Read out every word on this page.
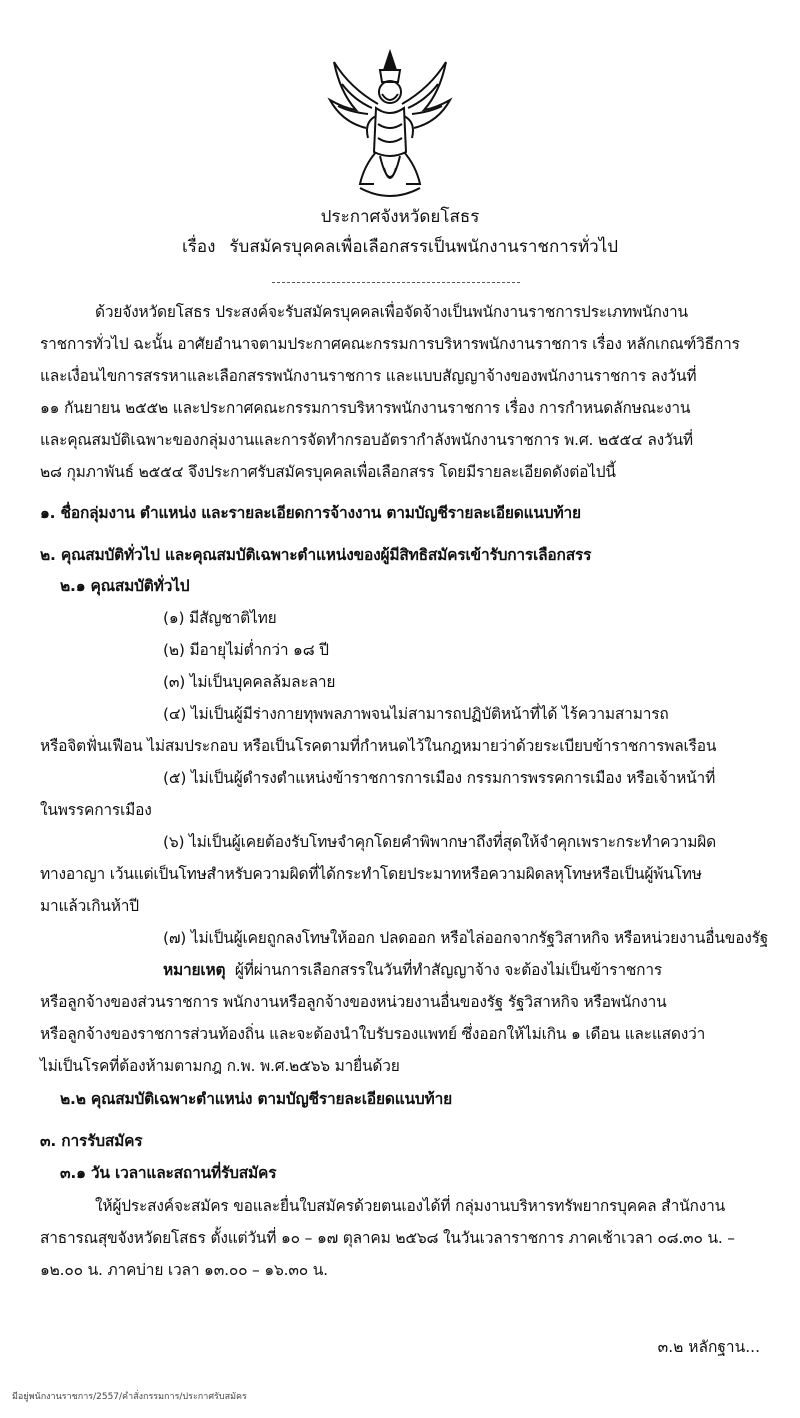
ประกาศจังหวัดยโสธร
เรื่อง รับสมัครบุคคลเพื่อเลือกสรรเป็นพนักงานราชการทั่วไป
ด้วยจังหวัดยโสธร ประสงค์จะรับสมัครบุคคลเพื่อจัดจ้างเป็นพนักงานราชการประเภทพนักงาน
ราชการทั่วไป ฉะนั้น อาศัยอำนาจตามประกาศคณะกรรมการบริหารพนักงานราชการ เรื่อง หลักเกณฑ์วิธีการ
และเงื่อนไขการสรรหาและเลือกสรรพนักงานราชการ และแบบสัญญาจ้างของพนักงานราชการ ลงวันที่
๑๑ กันยายน ๒๕๕๒ และประกาศคณะกรรมการบริหารพนักงานราชการ เรื่อง การกำหนดลักษณะงาน
และคุณสมบัติเฉพาะของกลุ่มงานและการจัดทำกรอบอัตรากำลังพนักงานราชการ พ.ศ. ๒๕๕๔ ลงวันที่
๒๘ กุมภาพันธ์ ๒๕๕๔ จึงประกาศรับสมัครบุคคลเพื่อเลือกสรร โดยมีรายละเอียดดังต่อไปนี้
๑. ชื่อกลุ่มงาน ตำแหน่ง และรายละเอียดการจ้างงาน ตามบัญชีรายละเอียดแนบท้าย
๒. คุณสมบัติทั่วไป และคุณสมบัติเฉพาะตำแหน่งของผู้มีสิทธิสมัครเข้ารับการเลือกสรร
๒.๑ คุณสมบัติทั่วไป
(๑) มีสัญชาติไทย
(๒) มีอายุไม่ต่ำกว่า ๑๘ ปี
(๓) ไม่เป็นบุคคลล้มละลาย
(๔) ไม่เป็นผู้มีร่างกายทุพพลภาพจนไม่สามารถปฏิบัติหน้าที่ได้ ไร้ความสามารถ
หรือจิตฟั่นเฟือน ไม่สมประกอบ หรือเป็นโรคตามที่กำหนดไว้ในกฎหมายว่าด้วยระเบียบข้าราชการพลเรือน
(๕) ไม่เป็นผู้ดำรงตำแหน่งข้าราชการการเมือง กรรมการพรรคการเมือง หรือเจ้าหน้าที่
ในพรรคการเมือง
(๖) ไม่เป็นผู้เคยต้องรับโทษจำคุกโดยคำพิพากษาถึงที่สุดให้จำคุกเพราะกระทำความผิด
ทางอาญา เว้นแต่เป็นโทษสำหรับความผิดที่ได้กระทำโดยประมาทหรือความผิดลหุโทษหรือเป็นผู้พ้นโทษ
มาแล้วเกินห้าปี
(๗) ไม่เป็นผู้เคยถูกลงโทษให้ออก ปลดออก หรือไล่ออกจากรัฐวิสาหกิจ หรือหน่วยงานอื่นของรัฐ
หมายเหตุ ผู้ที่ผ่านการเลือกสรรในวันที่ทำสัญญาจ้าง จะต้องไม่เป็นข้าราชการ
หรือลูกจ้างของส่วนราชการ พนักงานหรือลูกจ้างของหน่วยงานอื่นของรัฐ รัฐวิสาหกิจ หรือพนักงาน
หรือลูกจ้างของราชการส่วนท้องถิ่น และจะต้องนำใบรับรองแพทย์ ซึ่งออกให้ไม่เกิน ๑ เดือน และแสดงว่า
ไม่เป็นโรคที่ต้องห้ามตามกฎ ก.พ. พ.ศ.๒๕๖๖ มายื่นด้วย
๒.๒ คุณสมบัติเฉพาะตำแหน่ง ตามบัญชีรายละเอียดแนบท้าย
๓. การรับสมัคร
๓.๑ วัน เวลาและสถานที่รับสมัคร
ให้ผู้ประสงค์จะสมัคร ขอและยื่นใบสมัครด้วยตนเองได้ที่ กลุ่มงานบริหารทรัพยากรบุคคล สำนักงาน
สาธารณสุขจังหวัดยโสธร ตั้งแต่วันที่ ๑๐ – ๑๗ ตุลาคม ๒๕๖๘ ในวันเวลาราชการ ภาคเช้าเวลา ๐๘.๓๐ น. –
๑๒.๐๐ น. ภาคบ่าย เวลา ๑๓.๐๐ – ๑๖.๓๐ น.
๓.๒ หลักฐาน...
มีอยู่พนักงานราชการ/2557/คำสั่งกรรมการ/ประกาศรับสมัคร
